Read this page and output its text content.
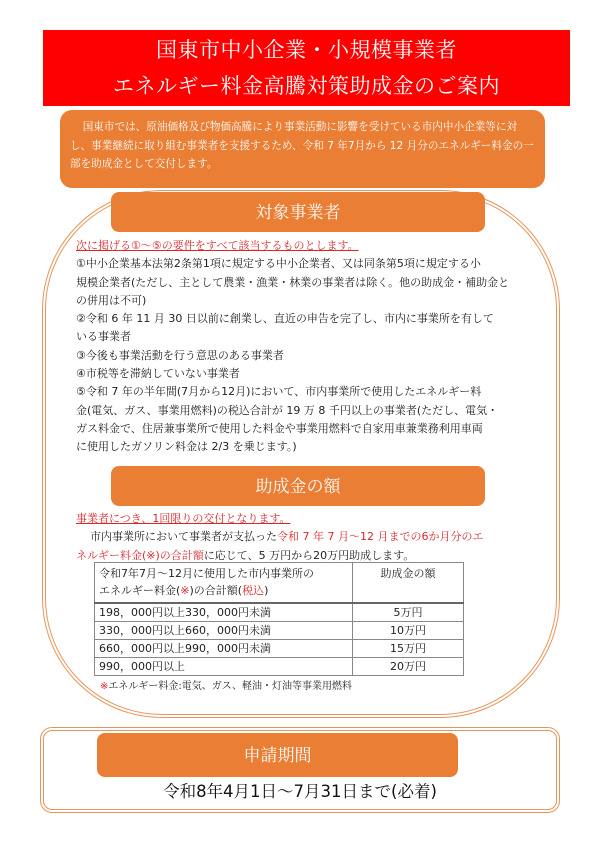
国東市中小企業・小規模事業者
エネルギー料金高騰対策助成金のご案内

国東市では、原油価格及び物価高騰により事業活動に影響を受けている市内中小企業等に対し、事業継続に取り組む事業者を支援するため、令和 7 年7月から 12 月分のエネルギー料金の一部を助成金として交付します。

対象事業者
次に掲げる①～⑤の要件をすべて該当するものとします。
①中小企業基本法第2条第1項に規定する中小企業者、又は同条第5項に規定する小
規模企業者(ただし、主として農業・漁業・林業の事業者は除く。他の助成金・補助金と
の併用は不可)
②令和 6 年 11 月 30 日以前に創業し、直近の申告を完了し、市内に事業所を有して
いる事業者
③今後も事業活動を行う意思のある事業者
④市税等を滞納していない事業者
⑤令和 7 年の半年間(7月から12月)において、市内事業所で使用したエネルギー料
金(電気、ガス、事業用燃料)の税込合計が 19 万 8 千円以上の事業者(ただし、電気・
ガス料金で、住居兼事業所で使用した料金や事業用燃料で自家用車兼業務利用車両
に使用したガソリン料金は 2/3 を乗じます。)
助成金の額
事業者につき、1回限りの交付となります。
市内事業所において事業者が支払った令和 7 年 7 月～12 月までの6か月分のエ
ネルギー料金(※)の合計額に応じて、5 万円から20万円助成します。
令和7年7月～12月に使用した市内事業所の
エネルギー料金(※)の合計額(税込)	助成金の額
198，000円以上330，000円未満	5万円
330，000円以上660，000円未満	10万円
660，000円以上990，000円未満	15万円
990，000円以上	20万円
※エネルギー料金:電気、ガス、軽油・灯油等事業用燃料
申請期間
令和8年4月1日～7月31日まで(必着)
